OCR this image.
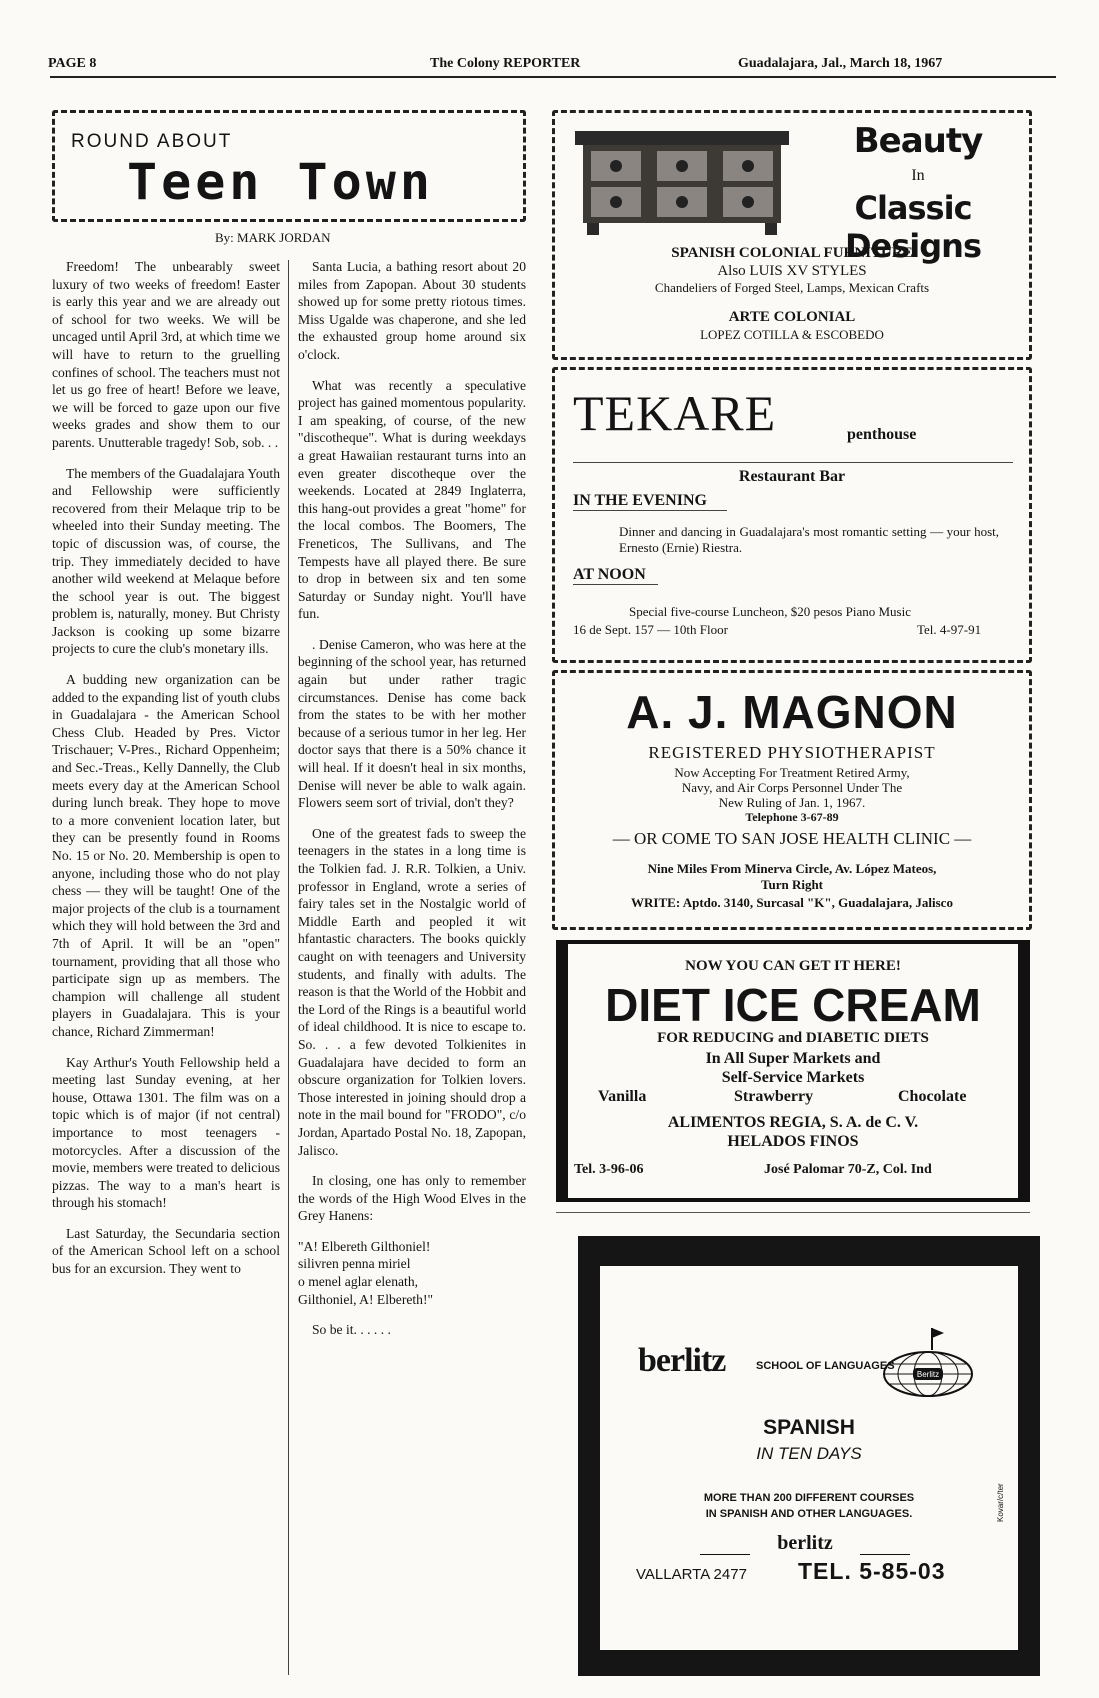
PAGE 8	The Colony REPORTER	Guadalajara, Jal., March 18, 1967
ROUND ABOUT
Teen Town
By: MARK JORDAN

Freedom! The unbearably sweet luxury of two weeks of freedom! Easter is early this year and we are already out of school for two weeks. We will be uncaged until April 3rd, at which time we will have to return to the gruelling confines of school. The teachers must not let us go free of heart! Before we leave, we will be forced to gaze upon our five weeks grades and show them to our parents. Unutterable tragedy! Sob, sob. . .

The members of the Guadalajara Youth and Fellowship were sufficiently recovered from their Melaque trip to be wheeled into their Sunday meeting. The topic of discussion was, of course, the trip. They immediately decided to have another wild weekend at Melaque before the school year is out. The biggest problem is, naturally, money. But Christy Jackson is cooking up some bizarre projects to cure the club's monetary ills.

A budding new organization can be added to the expanding list of youth clubs in Guadalajara - the American School Chess Club. Headed by Pres. Victor Trischauer; V-Pres., Richard Oppenheim; and Sec.-Treas., Kelly Dannelly, the Club meets every day at the American School during lunch break. They hope to move to a more convenient location later, but they can be presently found in Rooms No. 15 or No. 20. Membership is open to anyone, including those who do not play chess — they will be taught! One of the major projects of the club is a tournament which they will hold between the 3rd and 7th of April. It will be an "open" tournament, providing that all those who participate sign up as members. The champion will challenge all student players in Guadalajara. This is your chance, Richard Zimmerman!

Kay Arthur's Youth Fellowship held a meeting last Sunday evening, at her house, Ottawa 1301. The film was on a topic which is of major (if not central) importance to most teenagers - motorcycles. After a discussion of the movie, members were treated to delicious pizzas. The way to a man's heart is through his stomach!

Last Saturday, the Secundaria section of the American School left on a school bus for an excursion. They went to

Santa Lucia, a bathing resort about 20 miles from Zapopan. About 30 students showed up for some pretty riotous times. Miss Ugalde was chaperone, and she led the exhausted group home around six o'clock.

What was recently a speculative project has gained momentous popularity. I am speaking, of course, of the new "discotheque". What is during weekdays a great Hawaiian restaurant turns into an even greater discotheque over the weekends. Located at 2849 Inglaterra, this hang-out provides a great "home" for the local combos. The Boomers, The Freneticos, The Sullivans, and The Tempests have all played there. Be sure to drop in between six and ten some Saturday or Sunday night. You'll have fun.

. Denise Cameron, who was here at the beginning of the school year, has returned again but under rather tragic circumstances. Denise has come back from the states to be with her mother because of a serious tumor in her leg. Her doctor says that there is a 50% chance it will heal. If it doesn't heal in six months, Denise will never be able to walk again. Flowers seem sort of trivial, don't they?

One of the greatest fads to sweep the teenagers in the states in a long time is the Tolkien fad. J. R.R. Tolkien, a Univ. professor in England, wrote a series of fairy tales set in the Nostalgic world of Middle Earth and peopled it wit hfantastic characters. The books quickly caught on with teenagers and University students, and finally with adults. The reason is that the World of the Hobbit and the Lord of the Rings is a beautiful world of ideal childhood. It is nice to escape to. So. . . a few devoted Tolkienites in Guadalajara have decided to form an obscure organization for Tolkien lovers. Those interested in joining should drop a note in the mail bound for "FRODO", c/o Jordan, Apartado Postal No. 18, Zapopan, Jalisco.

In closing, one has only to remember the words of the High Wood Elves in the Grey Hanens:

"A! Elbereth Gilthoniel!

silivren penna miriel

o menel aglar elenath,

Gilthoniel, A! Elbereth!"

So be it. . . . . .

Beauty
In
Classic Designs
SPANISH COLONIAL FURNITURE
Also LUIS XV STYLES
Chandeliers of Forged Steel, Lamps, Mexican Crafts
ARTE COLONIAL
LOPEZ COTILLA & ESCOBEDO
TEKARE	penthouse
Restaurant Bar
IN THE EVENING
Dinner and dancing in Guadalajara's most romantic setting — your host, Ernesto (Ernie) Riestra.
AT NOON
Special five-course Luncheon, $20 pesos Piano Music
16 de Sept. 157 — 10th Floor	Tel. 4-97-91
A. J. MAGNON
REGISTERED PHYSIOTHERAPIST
Now Accepting For Treatment Retired Army,
Navy, and Air Corps Personnel Under The
New Ruling of Jan. 1, 1967.
Telephone 3-67-89
— OR COME TO SAN JOSE HEALTH CLINIC —
Nine Miles From Minerva Circle, Av. López Mateos,
Turn Right
WRITE: Aptdo. 3140, Surcasal "K", Guadalajara, Jalisco
NOW YOU CAN GET IT HERE!
DIET ICE CREAM
FOR REDUCING and DIABETIC DIETS
In All Super Markets and
Self-Service Markets
Vanilla	Strawberry	Chocolate
ALIMENTOS REGIA, S. A. de C. V.
HELADOS FINOS
Tel. 3-96-06	José Palomar 70-Z, Col. Ind
berlitz	SCHOOL OF LANGUAGES
Berlitz
SPANISH
IN TEN DAYS
MORE THAN 200 DIFFERENT COURSES
IN SPANISH AND OTHER LANGUAGES.
berlitz
VALLARTA 2477 TEL. 5-85-03
Kovar/c/ter
